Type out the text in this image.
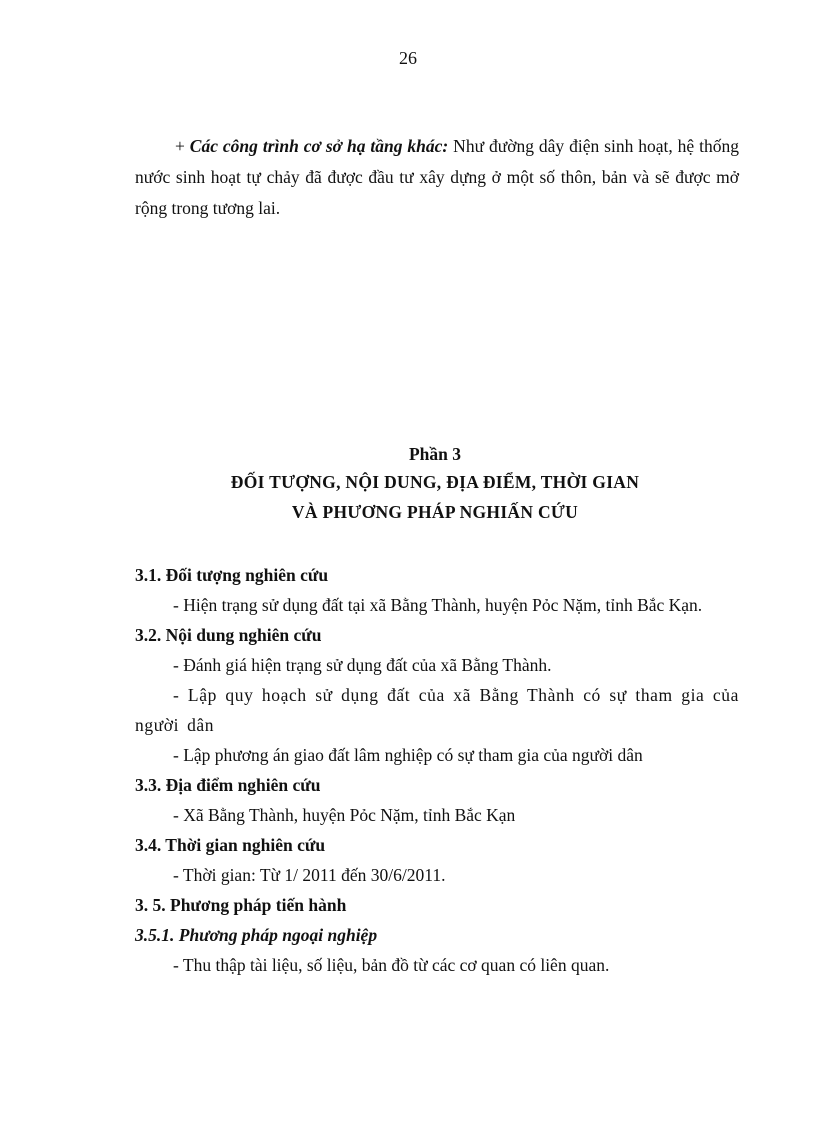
26

+ Các công trình cơ sở hạ tầng khác: Như đường dây điện sinh hoạt, hệ thống nước sinh hoạt tự chảy đã được đầu tư xây dựng ở một số thôn, bản và sẽ được mở rộng trong tương lai.

Phần 3
ĐỐI TƯỢNG, NỘI DUNG, ĐỊA ĐIỂM, THỜI GIAN
VÀ PHƯƠNG PHÁP NGHIẤN CỨU
3.1. Đối tượng nghiên cứu
- Hiện trạng sử dụng đất tại xã Bằng Thành, huyện Pỏc Nặm, tỉnh Bắc Kạn.
3.2. Nội dung nghiên cứu
- Đánh giá hiện trạng sử dụng đất của xã Bằng Thành.
- Lập quy hoạch sử dụng đất của xã Bằng Thành có sự tham gia của người dân
- Lập phương án giao đất lâm nghiệp có sự tham gia của người dân
3.3. Địa điểm nghiên cứu
- Xã Bằng Thành, huyện Pỏc Nặm, tỉnh Bắc Kạn
3.4. Thời gian nghiên cứu
- Thời gian: Từ 1/ 2011 đến 30/6/2011.
3. 5. Phương pháp tiến hành
3.5.1. Phương pháp ngoại nghiệp
- Thu thập tài liệu, số liệu, bản đồ từ các cơ quan có liên quan.
